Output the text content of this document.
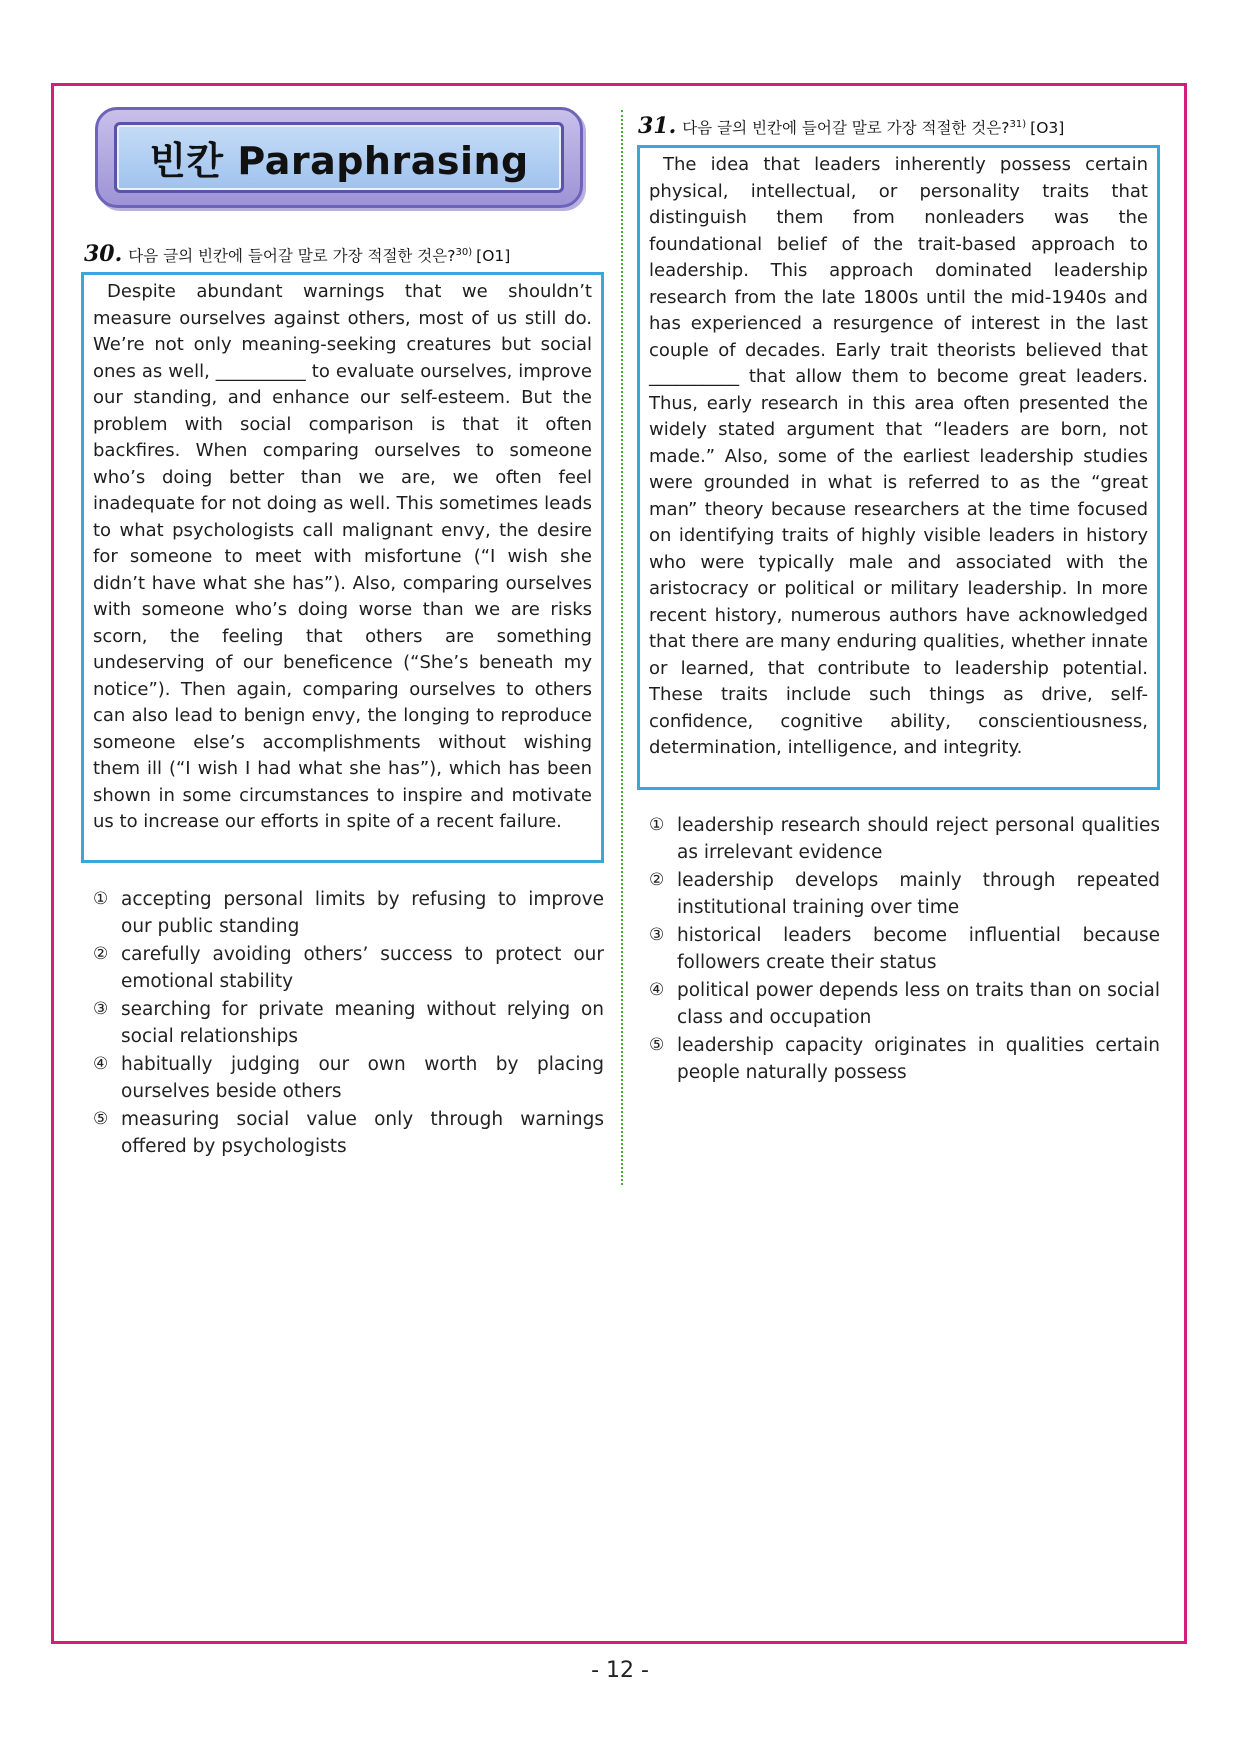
빈칸 Paraphrasing
30. 다음 글의 빈칸에 들어갈 말로 가장 적절한 것은?$^{30)}$ [O1]
Despite abundant warnings that we shouldn’t measure ourselves against others, most of us still do. We’re not only meaning-seeking creatures but social ones as well, __________ to evaluate ourselves, improve our standing, and enhance our self-esteem. But the problem with social comparison is that it often backfires. When comparing ourselves to someone who’s doing better than we are, we often feel inadequate for not doing as well. This sometimes leads to what psychologists call malignant envy, the desire for someone to meet with misfortune (“I wish she didn’t have what she has”). Also, comparing ourselves with someone who’s doing worse than we are risks scorn, the feeling that others are something undeserving of our beneficence (“She’s beneath my notice”). Then again, comparing ourselves to others can also lead to benign envy, the longing to reproduce someone else’s accomplishments without wishing them ill (“I wish I had what she has”), which has been shown in some circumstances to inspire and motivate us to increase our efforts in spite of a recent failure.
① accepting personal limits by refusing to improve our public standing
② carefully avoiding others’ success to protect our emotional stability
③ searching for private meaning without relying on social relationships
④ habitually judging our own worth by placing ourselves beside others
⑤ measuring social value only through warnings offered by psychologists
31. 다음 글의 빈칸에 들어갈 말로 가장 적절한 것은?$^{31)}$ [O3]
The idea that leaders inherently possess certain physical, intellectual, or personality traits that distinguish them from nonleaders was the foundational belief of the trait-based approach to leadership. This approach dominated leadership research from the late 1800s until the mid-1940s and has experienced a resurgence of interest in the last couple of decades. Early trait theorists believed that __________ that allow them to become great leaders. Thus, early research in this area often presented the widely stated argument that “leaders are born, not made.” Also, some of the earliest leadership studies were grounded in what is referred to as the “great man” theory because researchers at the time focused on identifying traits of highly visible leaders in history who were typically male and associated with the aristocracy or political or military leadership. In more recent history, numerous authors have acknowledged that there are many enduring qualities, whether innate or learned, that contribute to leadership potential. These traits include such things as drive, self-confidence, cognitive ability, conscientiousness, determination, intelligence, and integrity.
① leadership research should reject personal qualities as irrelevant evidence
② leadership develops mainly through repeated institutional training over time
③ historical leaders become influential because followers create their status
④ political power depends less on traits than on social class and occupation
⑤ leadership capacity originates in qualities certain people naturally possess
- 12 -
